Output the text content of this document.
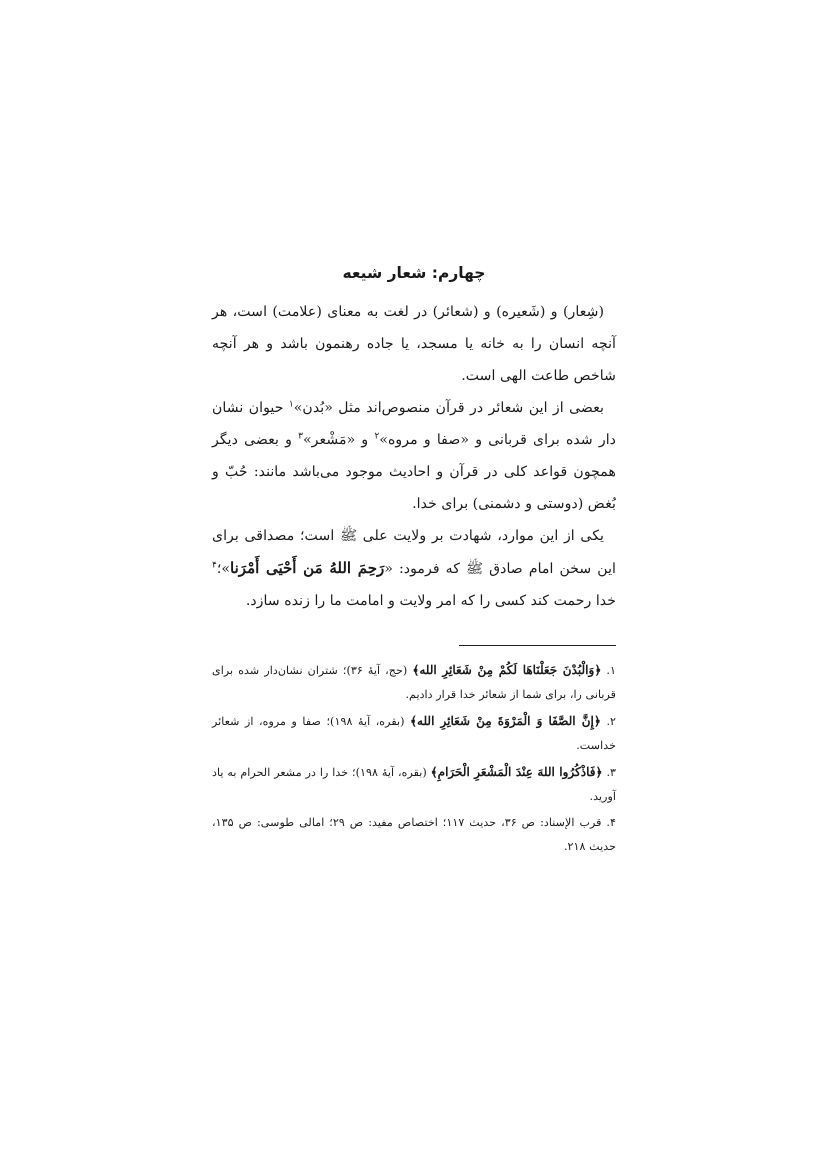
چهارم: شعار شیعه

(شِعار) و (شَعیره) و (شعائر) در لغت به معنای (علامت) است، هر آنچه انسان را به خانه یا مسجد، یا جاده رهنمون باشد و هر آنچه شاخص طاعت الهی است.

بعضی از این شعائر در قرآن منصوص‌اند مثل «بُدن»$^۱$ حیوان نشان دار شده برای قربانی و «صفا و مروه»$^۲$ و «مَشْعر»$^۳$ و بعضی دیگر همچون قواعد کلی در قرآن و احادیث موجود می‌باشد مانند: حُبّ و بُغض (دوستی و دشمنی) برای خدا.

یکی از این موارد، شهادت بر ولایت علی ﷺ است؛ مصداقی برای این سخن امام صادق ﷺ که فرمود: «رَحِمَ اللهُ مَن أَحْيَى أَمْرَنا»؛$^۴$ خدا رحمت کند کسی را که امر ولایت و امامت ما را زنده سازد.

۱. ﴿وَالْبُدْنَ جَعَلْنَاهَا لَكُمْ مِنْ شَعَائِرِ الله﴾ (حج، آیهٔ ۳۶)؛ شتران نشان‌دار شده برای قربانی را، برای شما از شعائر خدا قرار دادیم.

۲. ﴿إِنَّ الصَّفَا وَ الْمَرْوَةَ مِنْ شَعَائِرِ الله﴾ (بقره، آیهٔ ۱۹۸)؛ صفا و مروه، از شعائر خداست.

۳. ﴿فَاذْكُرُوا اللهَ عِنْدَ الْمَشْعَرِ الْحَرَامِ﴾ (بقره، آیهٔ ۱۹۸)؛ خدا را در مشعر الحرام به یاد آورید.

۴. قرب الإسناد: ص ۳۶، حدیث ۱۱۷؛ اختصاص مفید: ص ۲۹؛ امالی طوسی: ص ۱۳۵، حدیث ۲۱۸.
